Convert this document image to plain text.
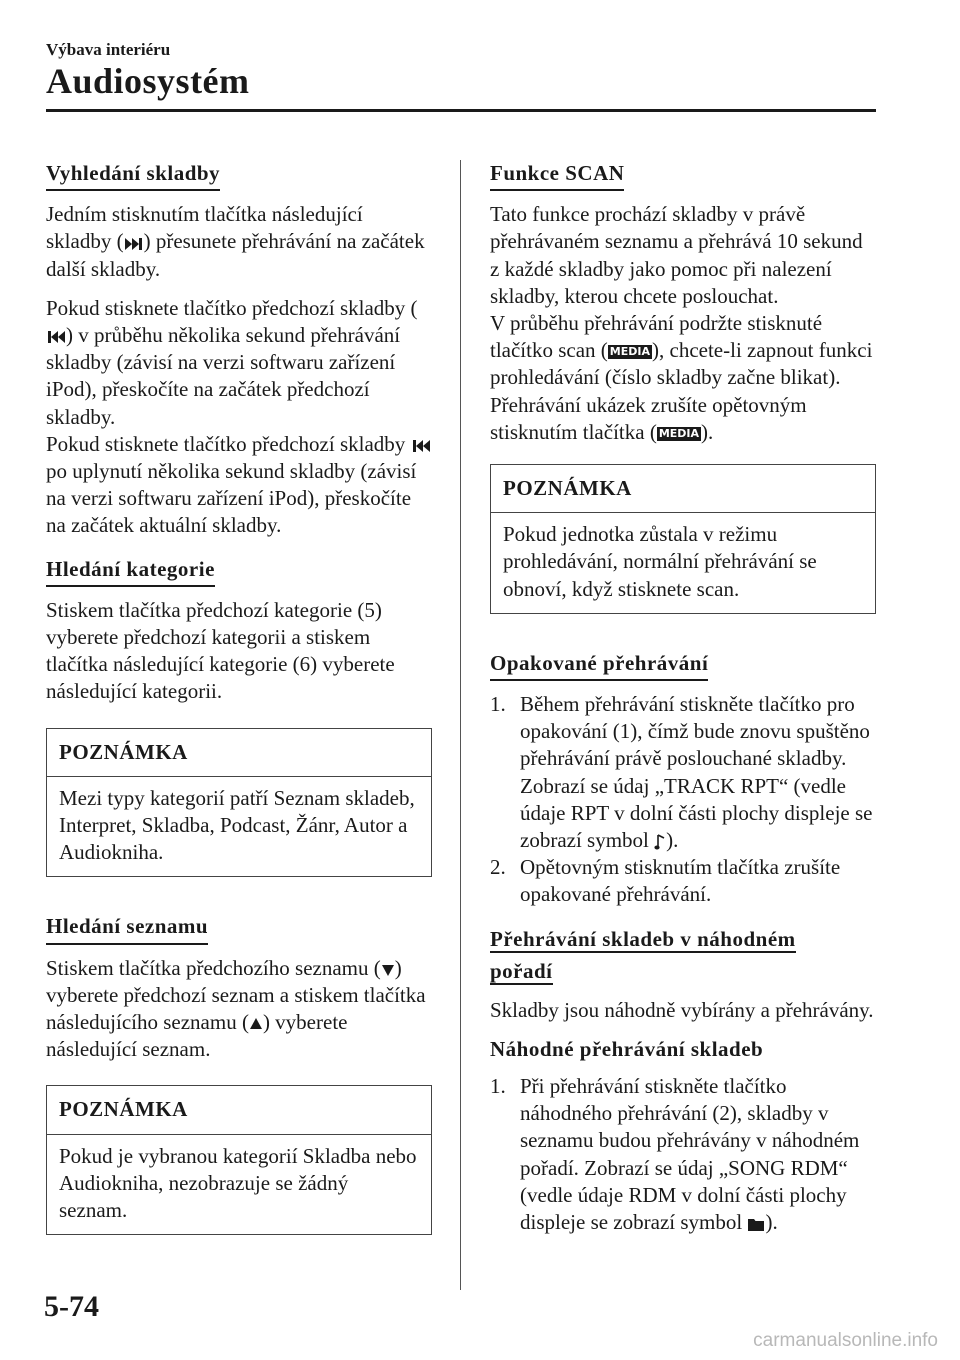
Výbava interiéru
Audiosystém
Vyhledání skladby

Jedním stisknutím tlačítka následující skladby ( ) přesunete přehrávání na začátek další skladby.

Pokud stisknete tlačítko předchozí skladby () v průběhu několika sekund přehrávání skladby (závisí na verzi softwaru zařízení iPod), přeskočíte na začátek předchozí skladby.

Pokud stisknete tlačítko předchozí skladby  po uplynutí několika sekund skladby (závisí na verzi softwaru zařízení iPod), přeskočíte na začátek aktuální skladby.

Hledání kategorie

Stiskem tlačítka předchozí kategorie (5) vyberete předchozí kategorii a stiskem tlačítka následující kategorie (6) vyberete následující kategorii.

POZNÁMKA
Mezi typy kategorií patří Seznam skladeb, Interpret, Skladba, Podcast, Žánr, Autor a Audiokniha.
Hledání seznamu

Stiskem tlačítka předchozího seznamu ( ) vyberete předchozí seznam a stiskem tlačítka následujícího seznamu ( ) vyberete následující seznam.

POZNÁMKA
Pokud je vybranou kategorií Skladba nebo Audiokniha, nezobrazuje se žádný seznam.
Funkce SCAN

Tato funkce prochází skladby v právě přehrávaném seznamu a přehrává 10 sekund z každé skladby jako pomoc při nalezení skladby, kterou chcete poslouchat.

V průběhu přehrávání podržte stisknuté tlačítko scan ( MEDIA), chcete-li zapnout funkci prohledávání (číslo skladby začne blikat). Přehrávání ukázek zrušíte opětovným stisknutím tlačítka ( MEDIA).

POZNÁMKA
Pokud jednotka zůstala v režimu prohledávání, normální přehrávání se obnoví, když stisknete scan.
Opakované přehrávání
1. Během přehrávání stiskněte tlačítko pro opakování (1), čímž bude znovu spuštěno přehrávání právě poslouchané skladby. Zobrazí se údaj „TRACK RPT“ (vedle údaje RPT v dolní části plochy displeje se zobrazí symbol ).
2. Opětovným stisknutím tlačítka zrušíte opakované přehrávání.
Přehrávání skladeb v náhodném
pořadí

Skladby jsou náhodně vybírány a přehrávány.

Náhodné přehrávání skladeb
1. Při přehrávání stiskněte tlačítko náhodného přehrávání (2), skladby v seznamu budou přehrávány v náhodném pořadí. Zobrazí se údaj „SONG RDM“ (vedle údaje RDM v dolní části plochy displeje se zobrazí symbol ).
5-74
carmanualsonline.info
